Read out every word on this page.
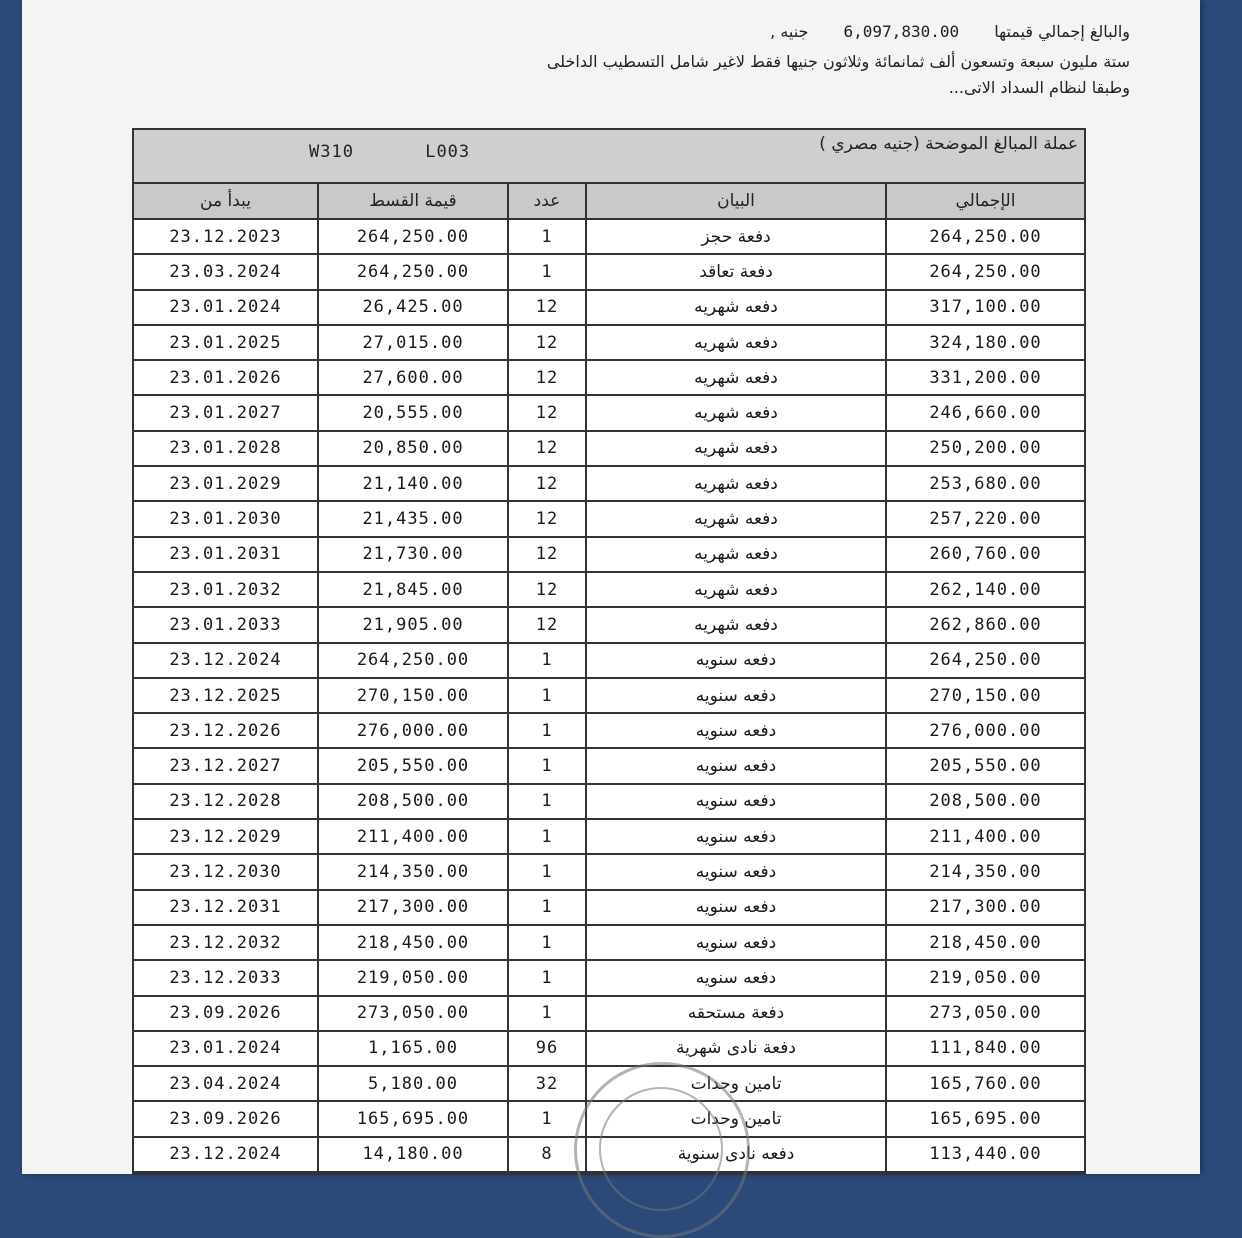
والبالغ إجمالي قيمتها 6,097,830.00 جنيه ,
ستة مليون سبعة وتسعون ألف ثمانمائة وثلاثون جنيها فقط لاغير شامل التسطيب الداخلى
وطبقا لنظام السداد الاتى...
W310	L003	عملة المبالغ الموضحة (جنيه مصري )
يبدأ من	قيمة القسط	عدد	البيان	الإجمالي
23.12.2023	264,250.00	1	دفعة حجز	264,250.00
23.03.2024	264,250.00	1	دفعة تعاقد	264,250.00
23.01.2024	26,425.00	12	دفعه شهريه	317,100.00
23.01.2025	27,015.00	12	دفعه شهريه	324,180.00
23.01.2026	27,600.00	12	دفعه شهريه	331,200.00
23.01.2027	20,555.00	12	دفعه شهريه	246,660.00
23.01.2028	20,850.00	12	دفعه شهريه	250,200.00
23.01.2029	21,140.00	12	دفعه شهريه	253,680.00
23.01.2030	21,435.00	12	دفعه شهريه	257,220.00
23.01.2031	21,730.00	12	دفعه شهريه	260,760.00
23.01.2032	21,845.00	12	دفعه شهريه	262,140.00
23.01.2033	21,905.00	12	دفعه شهريه	262,860.00
23.12.2024	264,250.00	1	دفعه سنويه	264,250.00
23.12.2025	270,150.00	1	دفعه سنويه	270,150.00
23.12.2026	276,000.00	1	دفعه سنويه	276,000.00
23.12.2027	205,550.00	1	دفعه سنويه	205,550.00
23.12.2028	208,500.00	1	دفعه سنويه	208,500.00
23.12.2029	211,400.00	1	دفعه سنويه	211,400.00
23.12.2030	214,350.00	1	دفعه سنويه	214,350.00
23.12.2031	217,300.00	1	دفعه سنويه	217,300.00
23.12.2032	218,450.00	1	دفعه سنويه	218,450.00
23.12.2033	219,050.00	1	دفعه سنويه	219,050.00
23.09.2026	273,050.00	1	دفعة مستحقه	273,050.00
23.01.2024	1,165.00	96	دفعة نادى شهرية	111,840.00
23.04.2024	5,180.00	32	تامين وحدات	165,760.00
23.09.2026	165,695.00	1	تامين وحدات	165,695.00
23.12.2024	14,180.00	8	دفعه نادى سنوية	113,440.00
